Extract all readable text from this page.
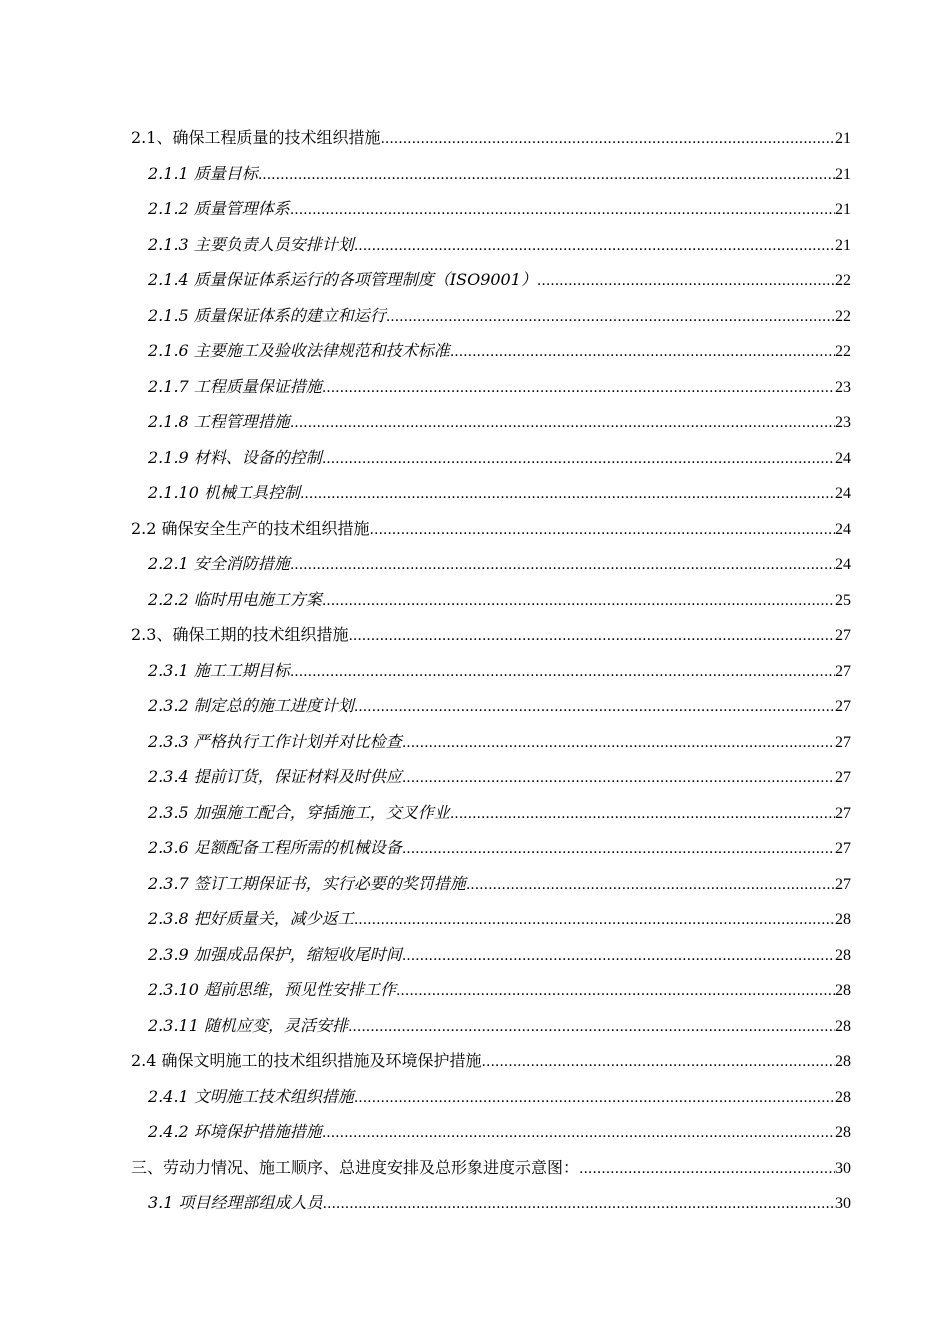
2.1、确保工程质量的技术组织措施 .....	21
2.1.1 质量目标 .....	21
2.1.2 质量管理体系 .....	21
2.1.3 主要负责人员安排计划 .....	21
2.1.4 质量保证体系运行的各项管理制度（ISO9001） .....	22
2.1.5 质量保证体系的建立和运行 .....	22
2.1.6 主要施工及验收法律规范和技术标准 .....	22
2.1.7 工程质量保证措施 .....	23
2.1.8 工程管理措施 .....	23
2.1.9 材料、设备的控制 .....	24
2.1.10 机械工具控制 .....	24
2.2 确保安全生产的技术组织措施 .....	24
2.2.1 安全消防措施 .....	24
2.2.2 临时用电施工方案 .....	25
2.3、确保工期的技术组织措施 .....	27
2.3.1 施工工期目标 .....	27
2.3.2 制定总的施工进度计划 .....	27
2.3.3 严格执行工作计划并对比检查 .....	27
2.3.4 提前订货，保证材料及时供应 .....	27
2.3.5 加强施工配合，穿插施工，交叉作业 .....	27
2.3.6 足额配备工程所需的机械设备 .....	27
2.3.7 签订工期保证书，实行必要的奖罚措施 .....	27
2.3.8 把好质量关，减少返工 .....	28
2.3.9 加强成品保护，缩短收尾时间 .....	28
2.3.10 超前思维，预见性安排工作 .....	28
2.3.11 随机应变，灵活安排 .....	28
2.4 确保文明施工的技术组织措施及环境保护措施 .....	28
2.4.1 文明施工技术组织措施 .....	28
2.4.2 环境保护措施措施 .....	28
三、劳动力情况、施工顺序、总进度安排及总形象进度示意图： .....	30
3.1 项目经理部组成人员 .....	30
